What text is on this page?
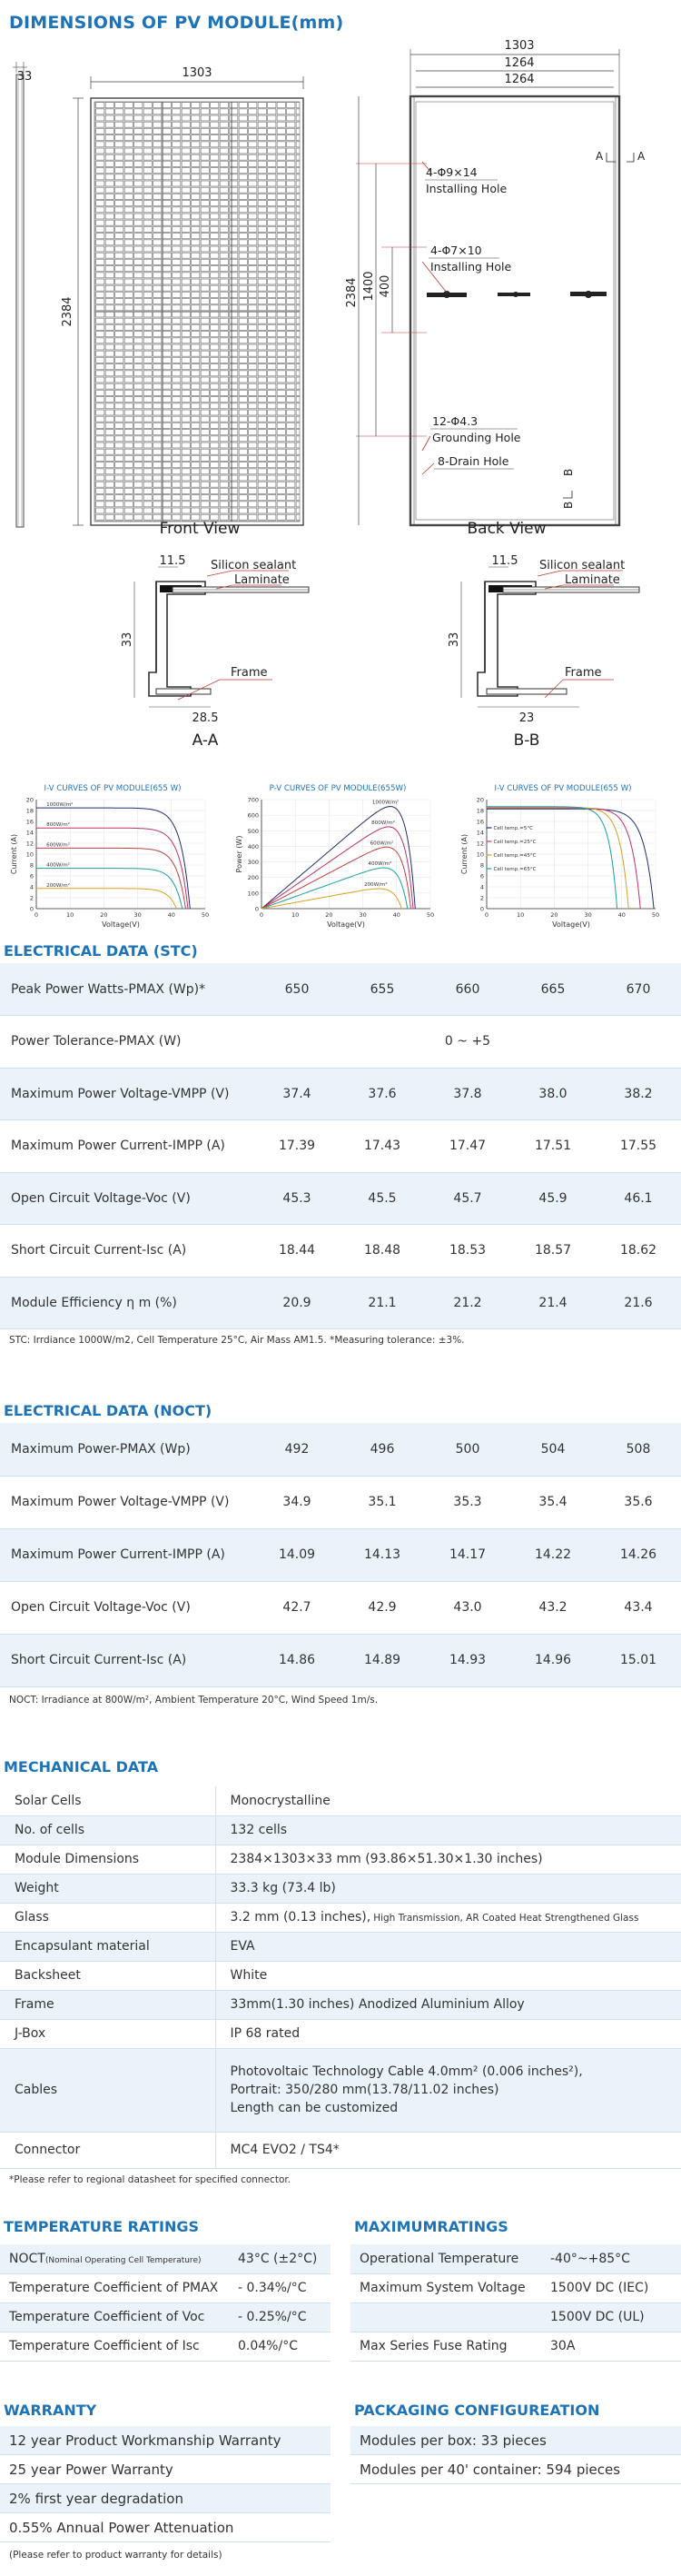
DIMENSIONS OF PV MODULE(mm)
33	1303
2384
Front View
1303
1264
1264
2384 1400 400
A	A
B
B
4-Φ9×14
Installing Hole
4-Φ7×10
Installing Hole
12-Φ4.3
Grounding Hole
8-Drain Hole
Back View
11.5
33
28.5
Silicon sealant
Laminate
Frame
A-A
11.5
33
23
Silicon sealant
Laminate
Frame
B-B
I-V CURVES OF PV MODULE(655 W)
0
2
4
6
8
10
12
14
16
18
20
0	10	20	30	40	50
Voltage(V)
Current (A)
1000W/m²
800W/m²
600W/m²
400W/m²
200W/m²
P-V CURVES OF PV MODULE(655W)
0
100
200
300
400
500
600
700
0	10	20	30	40	50
Voltage(V)
Power (W)
1000W/m²
800W/m²
600W/m²
400W/m²
200W/m²
I-V CURVES OF PV MODULE(655 W)
0
2
4
6
8
10
12
14
16
18
20
0	10	20	30	40	50
Voltage(V)
Current (A)
Cell temp.=5°C
Cell temp.=25°C
Cell temp.=45°C
Cell temp.=65°C
ELECTRICAL DATA (STC)
Peak Power Watts-PMAX (Wp)*	650	655	660	665	670
Power Tolerance-PMAX (W)	0 ~ +5				
Maximum Power Voltage-VMPP (V)	37.4	37.6	37.8	38.0	38.2
Maximum Power Current-IMPP (A)	17.39	17.43	17.47	17.51	17.55
Open Circuit Voltage-Voc (V)	45.3	45.5	45.7	45.9	46.1
Short Circuit Current-Isc (A)	18.44	18.48	18.53	18.57	18.62
Module Efficiency η m (%)	20.9	21.1	21.2	21.4	21.6
STC: Irrdiance 1000W/m2, Cell Temperature 25°C, Air Mass AM1.5. *Measuring tolerance: ±3%.
ELECTRICAL DATA (NOCT)
Maximum Power-PMAX (Wp)	492	496	500	504	508
Maximum Power Voltage-VMPP (V)	34.9	35.1	35.3	35.4	35.6
Maximum Power Current-IMPP (A)	14.09	14.13	14.17	14.22	14.26
Open Circuit Voltage-Voc (V)	42.7	42.9	43.0	43.2	43.4
Short Circuit Current-Isc (A)	14.86	14.89	14.93	14.96	15.01
NOCT: Irradiance at 800W/m², Ambient Temperature 20°C, Wind Speed 1m/s.
MECHANICAL DATA
Solar Cells	Monocrystalline
No. of cells	132 cells
Module Dimensions	2384×1303×33 mm (93.86×51.30×1.30 inches)
Weight	33.3 kg (73.4 lb)
Glass	3.2 mm (0.13 inches), High Transmission, AR Coated Heat Strengthened Glass
Encapsulant material	EVA
Backsheet	White
Frame	33mm(1.30 inches) Anodized Aluminium Alloy
J-Box	IP 68 rated
Cables	Photovoltaic Technology Cable 4.0mm² (0.006 inches²),
Portrait: 350/280 mm(13.78/11.02 inches)
Length can be customized

Connector	MC4 EVO2 / TS4*
*Please refer to regional datasheet for specified connector.
TEMPERATURE RATINGS
NOCT(Nominal Operating Cell Temperature)	43°C (±2°C)
Temperature Coefficient of PMAX	- 0.34%/°C
Temperature Coefficient of Voc	- 0.25%/°C
Temperature Coefficient of Isc	0.04%/°C
MAXIMUMRATINGS
Operational Temperature	-40°~+85°C
Maximum System Voltage	1500V DC (IEC)
	1500V DC (UL)
Max Series Fuse Rating	30A
WARRANTY
12 year Product Workmanship Warranty
25 year Power Warranty
2% first year degradation
0.55% Annual Power Attenuation
(Please refer to product warranty for details)
PACKAGING CONFIGUREATION
Modules per box: 33 pieces
Modules per 40' container: 594 pieces
